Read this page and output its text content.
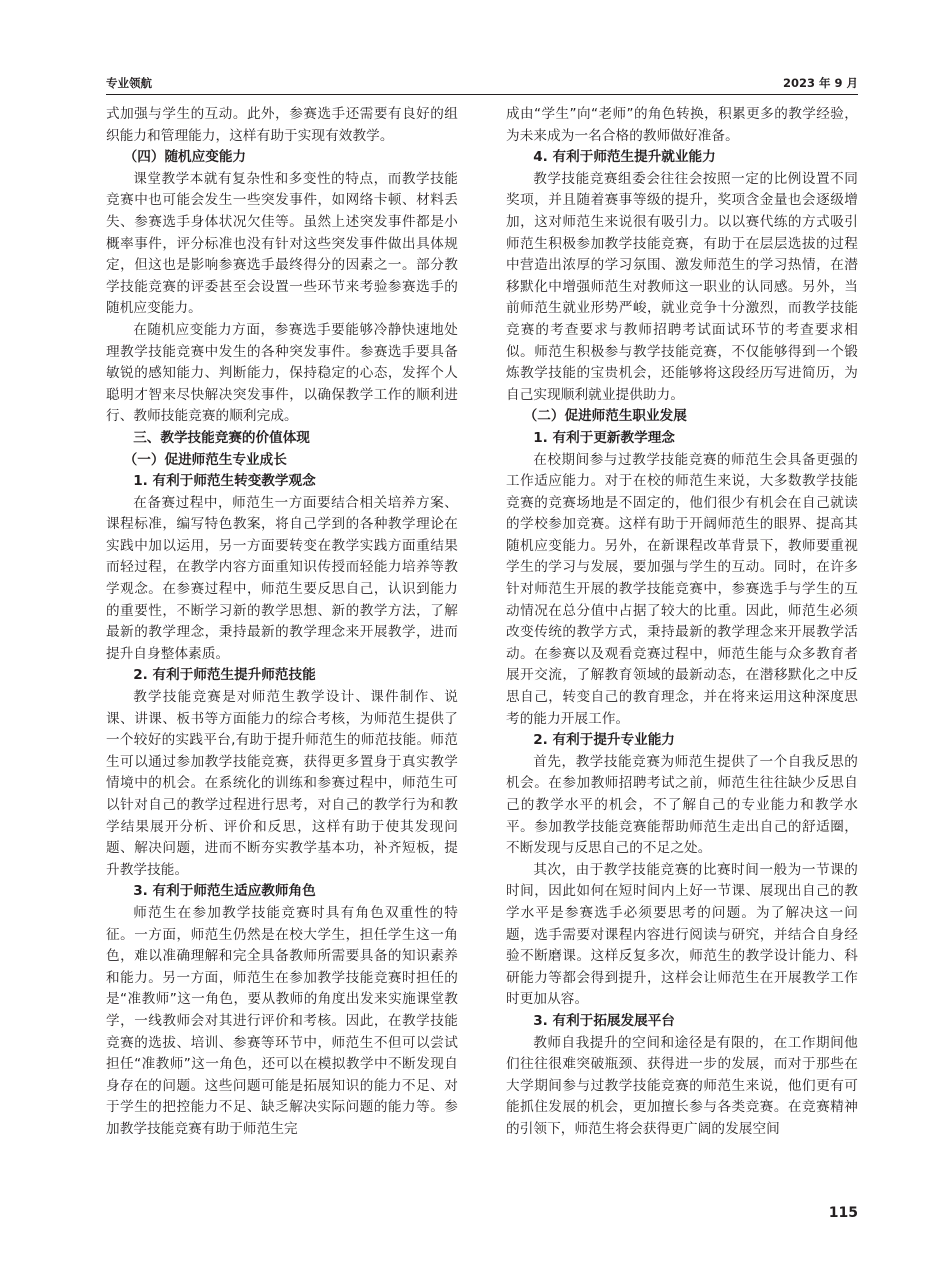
专业领航	2023 年 9 月

式加强与学生的互动。此外，参赛选手还需要有良好的组织能力和管理能力，这样有助于实现有效教学。

（四）随机应变能力

课堂教学本就有复杂性和多变性的特点，而教学技能竞赛中也可能会发生一些突发事件，如网络卡顿、材料丢失、参赛选手身体状况欠佳等。虽然上述突发事件都是小概率事件，评分标准也没有针对这些突发事件做出具体规定，但这也是影响参赛选手最终得分的因素之一。部分教学技能竞赛的评委甚至会设置一些环节来考验参赛选手的随机应变能力。

在随机应变能力方面，参赛选手要能够冷静快速地处理教学技能竞赛中发生的各种突发事件。参赛选手要具备敏锐的感知能力、判断能力，保持稳定的心态，发挥个人聪明才智来尽快解决突发事件，以确保教学工作的顺利进行、教师技能竞赛的顺利完成。

三、教学技能竞赛的价值体现
（一）促进师范生专业成长
1. 有利于师范生转变教学观念

在备赛过程中，师范生一方面要结合相关培养方案、课程标准，编写特色教案，将自己学到的各种教学理论在实践中加以运用，另一方面要转变在教学实践方面重结果而轻过程，在教学内容方面重知识传授而轻能力培养等教学观念。在参赛过程中，师范生要反思自己，认识到能力的重要性，不断学习新的教学思想、新的教学方法，了解最新的教学理念，秉持最新的教学理念来开展教学，进而提升自身整体素质。

2. 有利于师范生提升师范技能

教学技能竞赛是对师范生教学设计、课件制作、说课、讲课、板书等方面能力的综合考核，为师范生提供了一个较好的实践平台,有助于提升师范生的师范技能。师范生可以通过参加教学技能竞赛，获得更多置身于真实教学情境中的机会。在系统化的训练和参赛过程中，师范生可以针对自己的教学过程进行思考，对自己的教学行为和教学结果展开分析、评价和反思，这样有助于使其发现问题、解决问题，进而不断夯实教学基本功，补齐短板，提升教学技能。

3. 有利于师范生适应教师角色

师范生在参加教学技能竞赛时具有角色双重性的特征。一方面，师范生仍然是在校大学生，担任学生这一角色，难以准确理解和完全具备教师所需要具备的知识素养和能力。另一方面，师范生在参加教学技能竞赛时担任的是“准教师”这一角色，要从教师的角度出发来实施课堂教学，一线教师会对其进行评价和考核。因此，在教学技能竞赛的选拔、培训、参赛等环节中，师范生不但可以尝试担任“准教师”这一角色，还可以在模拟教学中不断发现自身存在的问题。这些问题可能是拓展知识的能力不足、对于学生的把控能力不足、缺乏解决实际问题的能力等。参加教学技能竞赛有助于师范生完

成由“学生”向“老师”的角色转换，积累更多的教学经验，为未来成为一名合格的教师做好准备。

4. 有利于师范生提升就业能力

教学技能竞赛组委会往往会按照一定的比例设置不同奖项，并且随着赛事等级的提升，奖项含金量也会逐级增加，这对师范生来说很有吸引力。以以赛代练的方式吸引师范生积极参加教学技能竞赛，有助于在层层选拔的过程中营造出浓厚的学习氛围、激发师范生的学习热情，在潜移默化中增强师范生对教师这一职业的认同感。另外，当前师范生就业形势严峻，就业竞争十分激烈，而教学技能竞赛的考查要求与教师招聘考试面试环节的考查要求相似。师范生积极参与教学技能竞赛，不仅能够得到一个锻炼教学技能的宝贵机会，还能够将这段经历写进简历，为自己实现顺利就业提供助力。

（二）促进师范生职业发展
1. 有利于更新教学理念

在校期间参与过教学技能竞赛的师范生会具备更强的工作适应能力。对于在校的师范生来说，大多数教学技能竞赛的竞赛场地是不固定的，他们很少有机会在自己就读的学校参加竞赛。这样有助于开阔师范生的眼界、提高其随机应变能力。另外，在新课程改革背景下，教师要重视学生的学习与发展，要加强与学生的互动。同时，在许多针对师范生开展的教学技能竞赛中，参赛选手与学生的互动情况在总分值中占据了较大的比重。因此，师范生必须改变传统的教学方式，秉持最新的教学理念来开展教学活动。在参赛以及观看竞赛过程中，师范生能与众多教育者展开交流，了解教育领域的最新动态，在潜移默化之中反思自己，转变自己的教育理念，并在将来运用这种深度思考的能力开展工作。

2. 有利于提升专业能力

首先，教学技能竞赛为师范生提供了一个自我反思的机会。在参加教师招聘考试之前，师范生往往缺少反思自己的教学水平的机会，不了解自己的专业能力和教学水平。参加教学技能竞赛能帮助师范生走出自己的舒适圈，不断发现与反思自己的不足之处。

其次，由于教学技能竞赛的比赛时间一般为一节课的时间，因此如何在短时间内上好一节课、展现出自己的教学水平是参赛选手必须要思考的问题。为了解决这一问题，选手需要对课程内容进行阅读与研究，并结合自身经验不断磨课。这样反复多次，师范生的教学设计能力、科研能力等都会得到提升，这样会让师范生在开展教学工作时更加从容。

3. 有利于拓展发展平台

教师自我提升的空间和途径是有限的，在工作期间他们往往很难突破瓶颈、获得进一步的发展，而对于那些在大学期间参与过教学技能竞赛的师范生来说，他们更有可能抓住发展的机会，更加擅长参与各类竞赛。在竞赛精神的引领下，师范生将会获得更广阔的发展空间

115
